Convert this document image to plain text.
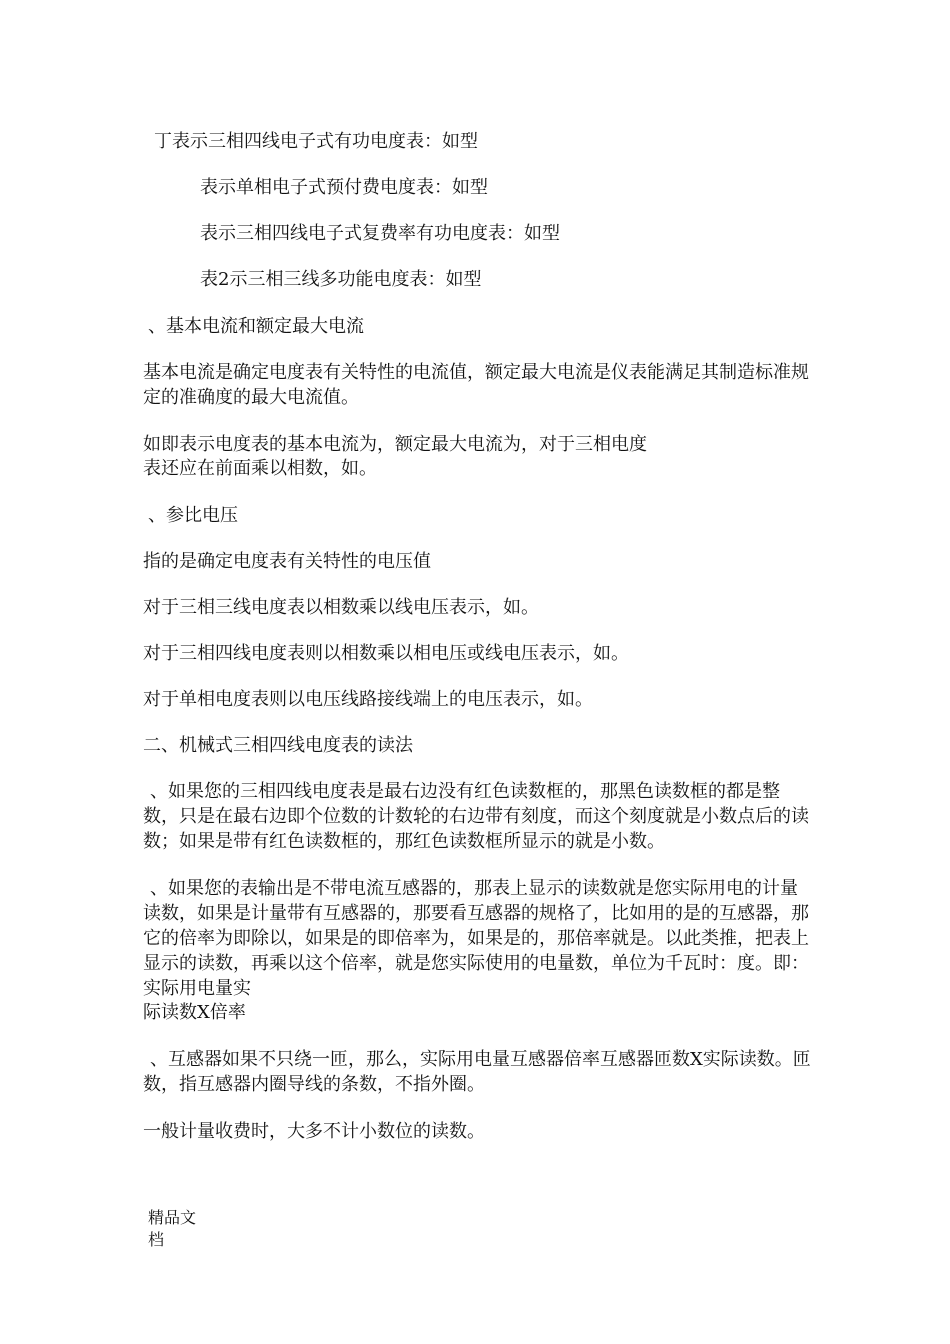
丁表示三相四线电子式有功电度表：如型
表示单相电子式预付费电度表：如型
表示三相四线电子式复费率有功电度表：如型
表2示三相三线多功能电度表：如型
、基本电流和额定最大电流
基本电流是确定电度表有关特性的电流值，额定最大电流是仪表能满足其制造标准规定的准确度的最大电流值。
如即表示电度表的基本电流为，额定最大电流为，对于三相电度
表还应在前面乘以相数，如。
、参比电压
指的是确定电度表有关特性的电压值
对于三相三线电度表以相数乘以线电压表示，如。
对于三相四线电度表则以相数乘以相电压或线电压表示，如。
对于单相电度表则以电压线路接线端上的电压表示，如。
二、机械式三相四线电度表的读法
、如果您的三相四线电度表是最右边没有红色读数框的，那黑色读数框的都是整数，只是在最右边即个位数的计数轮的右边带有刻度，而这个刻度就是小数点后的读数；如果是带有红色读数框的，那红色读数框所显示的就是小数。
、如果您的表输出是不带电流互感器的，那表上显示的读数就是您实际用电的计量读数，如果是计量带有互感器的，那要看互感器的规格了，比如用的是的互感器，那它的倍率为即除以，如果是的即倍率为，如果是的，那倍率就是。以此类推，把表上显示的读数，再乘以这个倍率，就是您实际使用的电量数，单位为千瓦时：度。即：实际用电量实
际读数X倍率
、互感器如果不只绕一匝，那么，实际用电量互感器倍率互感器匝数X实际读数。匝数，指互感器内圈导线的条数，不指外圈。
一般计量收费时，大多不计小数位的读数。
精品文档
